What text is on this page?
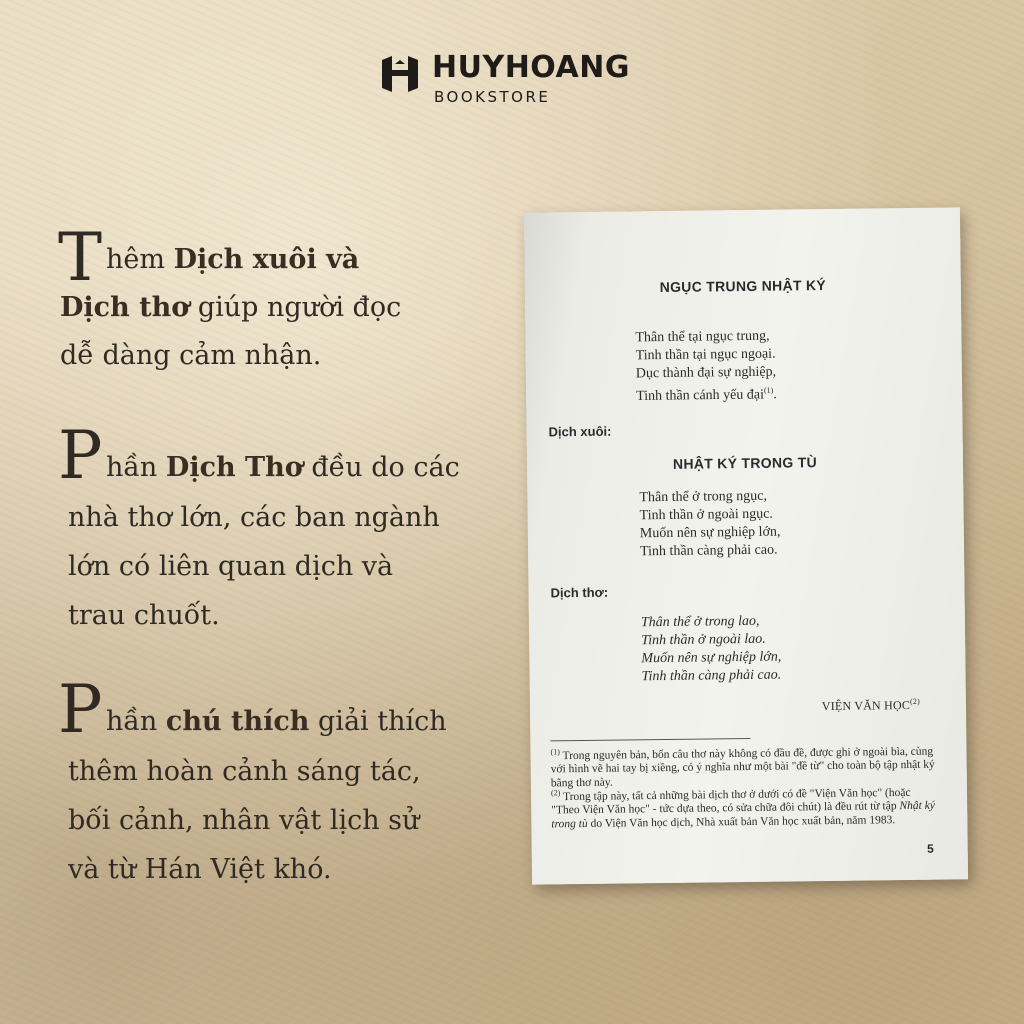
HUYHOANG
BOOKSTORE
T hêm Dịch xuôi và
Dịch thơ giúp người đọc
dễ dàng cảm nhận.
P hần Dịch Thơ đều do các
nhà thơ lớn, các ban ngành
lớn có liên quan dịch và
trau chuốt.
P hần chú thích giải thích
thêm hoàn cảnh sáng tác,
bối cảnh, nhân vật lịch sử
và từ Hán Việt khó.
NGỤC TRUNG NHẬT KÝ
Thân thể tại ngục trung,
Tinh thần tại ngục ngoại.
Dục thành đại sự nghiệp,
Tinh thần cánh yếu đại$^{(1)}$.
Dịch xuôi:
NHẬT KÝ TRONG TÙ
Thân thể ở trong ngục,
Tinh thần ở ngoài ngục.
Muốn nên sự nghiệp lớn,
Tinh thần càng phải cao.
Dịch thơ:
Thân thể ở trong lao,
Tinh thần ở ngoài lao.
Muốn nên sự nghiệp lớn,
Tinh thần càng phải cao.
VIỆN VĂN HỌC$^{(2)}$
$^{(1)}$ Trong nguyên bản, bốn câu thơ này không có đầu đề, được ghi ở ngoài bìa, cùng với hình vẽ hai tay bị xiềng, có ý nghĩa như một bài "đề từ" cho toàn bộ tập nhật ký bằng thơ này.
$^{(2)}$ Trong tập này, tất cả những bài dịch thơ ở dưới có đề "Viện Văn học" (hoặc "Theo Viện Văn học" - tức dựa theo, có sửa chữa đôi chút) là đều rút từ tập Nhật ký trong tù do Viện Văn học dịch, Nhà xuất bản Văn học xuất bản, năm 1983.
5
